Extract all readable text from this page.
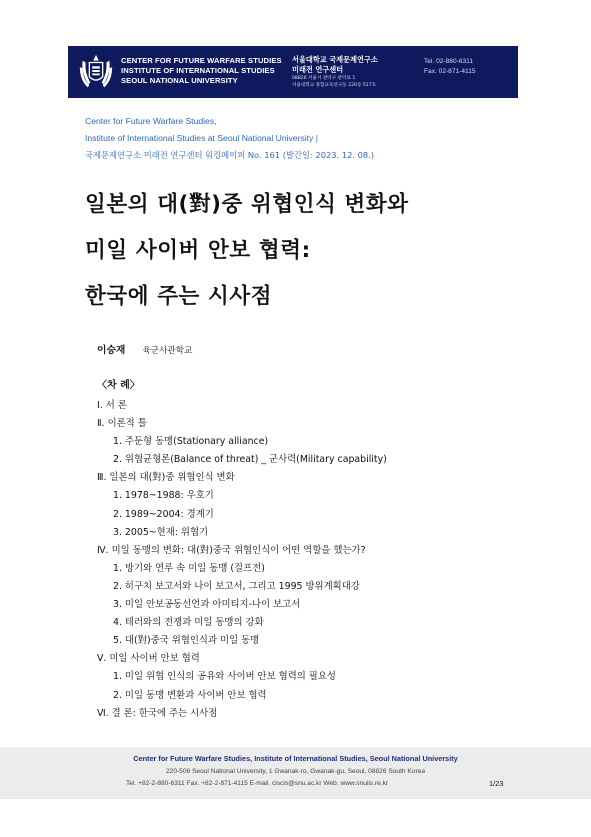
CENTER FOR FUTURE WARFARE STUDIES
INSTITUTE OF INTERNATIONAL STUDIES
SEOUL NATIONAL UNIVERSITY
서울대학교 국제문제연구소
미래전 연구센터
08826 서울시 관악구 관악로 1
서울대학교 종합교육연구동 220동 517호
Tel. 02-880-6311
Fax. 02-871-4115
Center for Future Warfare Studies,
Institute of International Studies at Seoul National University |
국제문제연구소 미래전 연구센터 워킹페이퍼 No. 161 (발간일: 2023. 12. 08.)
일본의 대(對)중 위협인식 변화와
미일 사이버 안보 협력:
한국에 주는 시사점
이승재 육군사관학교
〈차 례〉
Ⅰ. 서 론
Ⅱ. 이론적 틀
1. 주둔형 동맹(Stationary alliance)
2. 위협균형론(Balance of threat) _ 군사력(Military capability)
Ⅲ. 일본의 대(對)중 위협인식 변화
1. 1978~1988: 우호기
2. 1989~2004: 경계기
3. 2005~현재: 위협기
Ⅳ. 미일 동맹의 변화: 대(對)중국 위협인식이 어떤 역할을 했는가?
1. 방기와 연루 속 미일 동맹 (걸프전)
2. 히구치 보고서와 나이 보고서, 그리고 1995 방위계획대강
3. 미일 안보공동선언과 아미티지-나이 보고서
4. 테러와의 전쟁과 미일 동맹의 강화
5. 대(對)중국 위협인식과 미일 동맹
Ⅴ. 미일 사이버 안보 협력
1. 미일 위협 인식의 공유와 사이버 안보 협력의 필요성
2. 미일 동맹 변환과 사이버 안보 협력
Ⅵ. 결 론: 한국에 주는 시사점
Center for Future Warfare Studies, Institute of International Studies, Seoul National University
220-506 Seoul National University, 1 Gwanak-ro, Gwanak-gu, Seoul, 08826 South Korea
Tel. +82-2-880-6311 Fax. +82-2-871-4115 E-mail. ciscis@snu.ac.kr Web. www.snuiis.re.kr	1/23
